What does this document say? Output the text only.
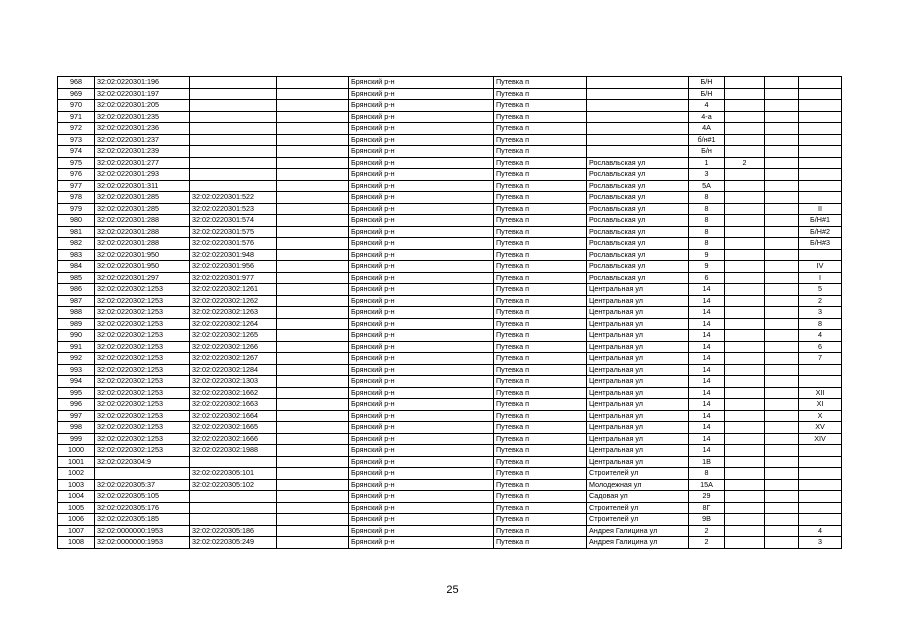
968	32:02:0220301:196			Брянский р-н	Путевка п		Б/Н			
969	32:02:0220301:197			Брянский р-н	Путевка п		Б/Н			
970	32:02:0220301:205			Брянский р-н	Путевка п		4			
971	32:02:0220301:235			Брянский р-н	Путевка п		4-а			
972	32:02:0220301:236			Брянский р-н	Путевка п		4А			
973	32:02:0220301:237			Брянский р-н	Путевка п		б/н#1			
974	32:02:0220301:239			Брянский р-н	Путевка п		Б/н			
975	32:02:0220301:277			Брянский р-н	Путевка п	Рославльская ул	1	2		
976	32:02:0220301:293			Брянский р-н	Путевка п	Рославльская ул	3			
977	32:02:0220301:311			Брянский р-н	Путевка п	Рославльская ул	5А			
978	32:02:0220301:285	32:02:0220301:522		Брянский р-н	Путевка п	Рославльская ул	8			
979	32:02:0220301:285	32:02:0220301:523		Брянский р-н	Путевка п	Рославльская ул	8			II
980	32:02:0220301:288	32:02:0220301:574		Брянский р-н	Путевка п	Рославльская ул	8			Б/Н#1
981	32:02:0220301:288	32:02:0220301:575		Брянский р-н	Путевка п	Рославльская ул	8			Б/Н#2
982	32:02:0220301:288	32:02:0220301:576		Брянский р-н	Путевка п	Рославльская ул	8			Б/Н#3
983	32:02:0220301:950	32:02:0220301:948		Брянский р-н	Путевка п	Рославльская ул	9			
984	32:02:0220301:950	32:02:0220301:956		Брянский р-н	Путевка п	Рославльская ул	9			IV
985	32:02:0220301:297	32:02:0220301:977		Брянский р-н	Путевка п	Рославльская ул	6			I
986	32:02:0220302:1253	32:02:0220302:1261		Брянский р-н	Путевка п	Центральная ул	14			5
987	32:02:0220302:1253	32:02:0220302:1262		Брянский р-н	Путевка п	Центральная ул	14			2
988	32:02:0220302:1253	32:02:0220302:1263		Брянский р-н	Путевка п	Центральная ул	14			3
989	32:02:0220302:1253	32:02:0220302:1264		Брянский р-н	Путевка п	Центральная ул	14			8
990	32:02:0220302:1253	32:02:0220302:1265		Брянский р-н	Путевка п	Центральная ул	14			4
991	32:02:0220302:1253	32:02:0220302:1266		Брянский р-н	Путевка п	Центральная ул	14			6
992	32:02:0220302:1253	32:02:0220302:1267		Брянский р-н	Путевка п	Центральная ул	14			7
993	32:02:0220302:1253	32:02:0220302:1284		Брянский р-н	Путевка п	Центральная ул	14			
994	32:02:0220302:1253	32:02:0220302:1303		Брянский р-н	Путевка п	Центральная ул	14			
995	32:02:0220302:1253	32:02:0220302:1662		Брянский р-н	Путевка п	Центральная ул	14			XII
996	32:02:0220302:1253	32:02:0220302:1663		Брянский р-н	Путевка п	Центральная ул	14			XI
997	32:02:0220302:1253	32:02:0220302:1664		Брянский р-н	Путевка п	Центральная ул	14			X
998	32:02:0220302:1253	32:02:0220302:1665		Брянский р-н	Путевка п	Центральная ул	14			XV
999	32:02:0220302:1253	32:02:0220302:1666		Брянский р-н	Путевка п	Центральная ул	14			XIV
1000	32:02:0220302:1253	32:02:0220302:1988		Брянский р-н	Путевка п	Центральная ул	14			
1001	32:02:0220304:9			Брянский р-н	Путевка п	Центральная ул	1В			
1002		32:02:0220305:101		Брянский р-н	Путевка п	Строителей ул	8			
1003	32:02:0220305:37	32:02:0220305:102		Брянский р-н	Путевка п	Молодежная ул	15А			
1004	32:02:0220305:105			Брянский р-н	Путевка п	Садовая ул	29			
1005	32:02:0220305:176			Брянский р-н	Путевка п	Строителей ул	8Г			
1006	32:02:0220305:185			Брянский р-н	Путевка п	Строителей ул	9В			
1007	32:02:0000000:1953	32:02:0220305:186		Брянский р-н	Путевка п	Андрея Галицина ул	2			4
1008	32:02:0000000:1953	32:02:0220305:249		Брянский р-н	Путевка п	Андрея Галицина ул	2			3
25
